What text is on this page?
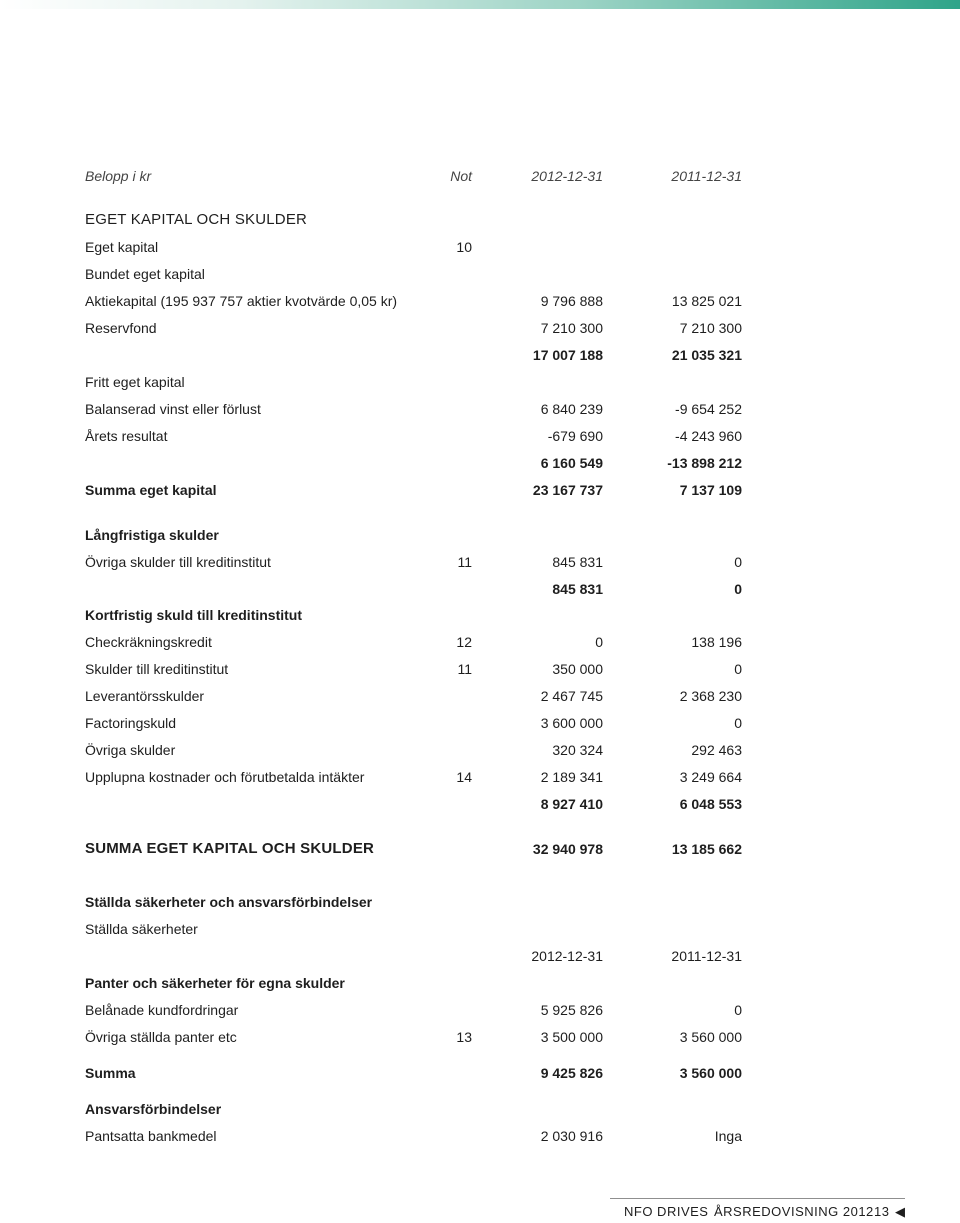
Belopp i kr	Not	2012-12-31	2011-12-31
EGET KAPITAL OCH SKULDER
Eget kapital	10
Bundet eget kapital
Aktiekapital (195 937 757 aktier kvotvärde 0,05 kr)	9 796 888	13 825 021
Reservfond	7 210 300	7 210 300
17 007 188	21 035 321
Fritt eget kapital
Balanserad vinst eller förlust	6 840 239	-9 654 252
Årets resultat	-679 690	-4 243 960
6 160 549	-13 898 212
Summa eget kapital	23 167 737	7 137 109
Långfristiga skulder
Övriga skulder till kreditinstitut	11	845 831	0
845 831	0
Kortfristig skuld till kreditinstitut
Checkräkningskredit	12	0	138 196
Skulder till kreditinstitut	11	350 000	0
Leverantörsskulder	2 467 745	2 368 230
Factoringskuld	3 600 000	0
Övriga skulder	320 324	292 463
Upplupna kostnader och förutbetalda intäkter	14	2 189 341	3 249 664
8 927 410	6 048 553
SUMMA EGET KAPITAL OCH SKULDER	32 940 978	13 185 662
Ställda säkerheter och ansvarsförbindelser
Ställda säkerheter
2012-12-31	2011-12-31
Panter och säkerheter för egna skulder
Belånade kundfordringar	5 925 826	0
Övriga ställda panter etc	13	3 500 000	3 560 000
Summa	9 425 826	3 560 000
Ansvarsförbindelser
Pantsatta bankmedel	2 030 916	Inga
NFO DRIVES ÅRSREDOVISNING 2012 13 ◀
